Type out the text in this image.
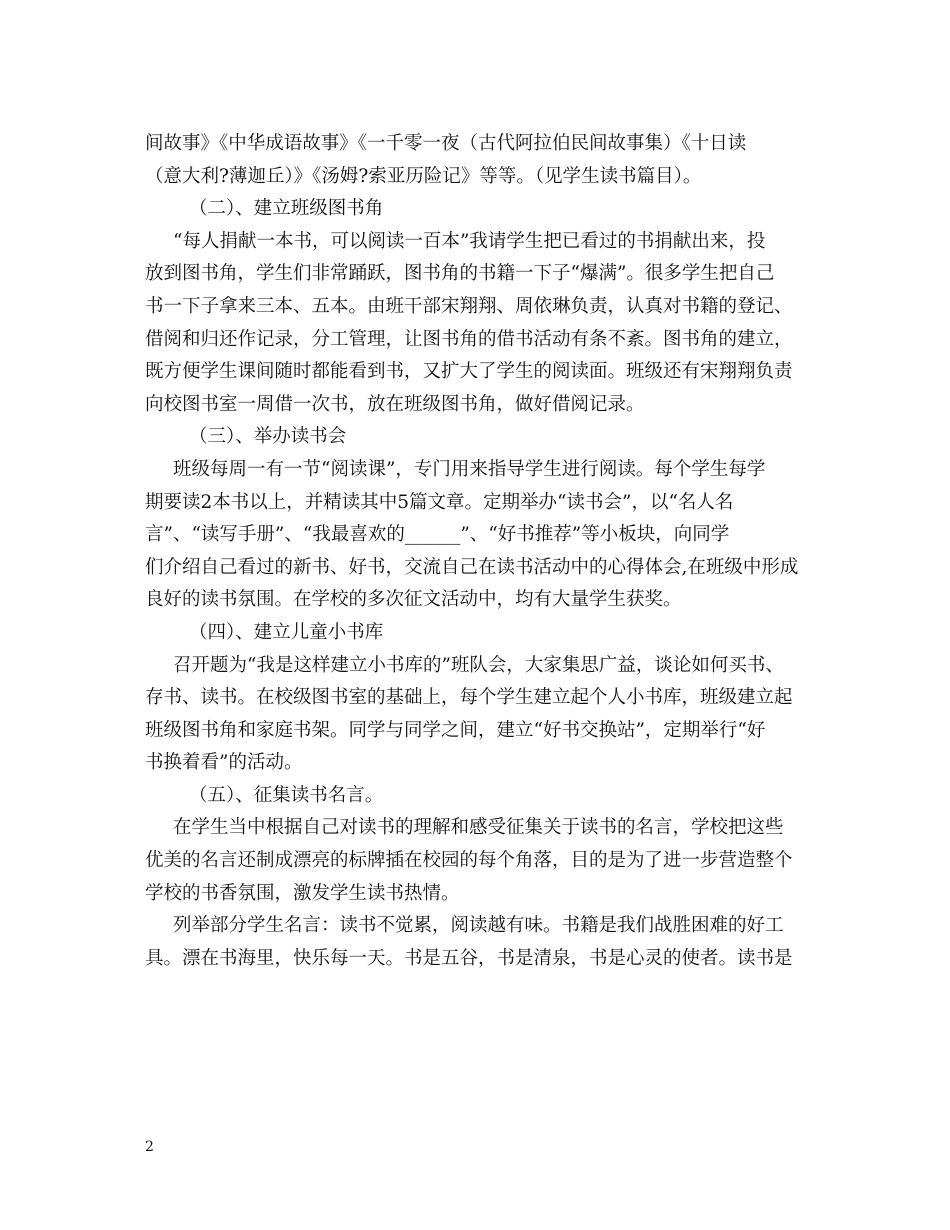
间故事》《中华成语故事》《一千零一夜（古代阿拉伯民间故事集）《十日读
（意大利?薄迦丘）》《汤姆?索亚历险记》等等。（见学生读书篇目）。
（二）、建立班级图书角
“每人捐献一本书，可以阅读一百本”我请学生把已看过的书捐献出来，投
放到图书角，学生们非常踊跃，图书角的书籍一下子“爆满”。很多学生把自己
书一下子拿来三本、五本。由班干部宋翔翔、周依琳负责，认真对书籍的登记、
借阅和归还作记录，分工管理，让图书角的借书活动有条不紊。图书角的建立，
既方便学生课间随时都能看到书，又扩大了学生的阅读面。班级还有宋翔翔负责
向校图书室一周借一次书，放在班级图书角，做好借阅记录。
（三）、举办读书会
班级每周一有一节“阅读课”，专门用来指导学生进行阅读。每个学生每学
期要读2本书以上，并精读其中5篇文章。定期举办“读书会”，以“名人名
言”、“读写手册”、“我最喜欢的______”、“好书推荐”等小板块，向同学
们介绍自己看过的新书、好书，交流自己在读书活动中的心得体会,在班级中形成
良好的读书氛围。在学校的多次征文活动中，均有大量学生获奖。
（四）、建立儿童小书库
召开题为“我是这样建立小书库的”班队会，大家集思广益，谈论如何买书、
存书、读书。在校级图书室的基础上，每个学生建立起个人小书库，班级建立起
班级图书角和家庭书架。同学与同学之间，建立“好书交换站”，定期举行“好
书换着看”的活动。
（五）、征集读书名言。
在学生当中根据自己对读书的理解和感受征集关于读书的名言，学校把这些
优美的名言还制成漂亮的标牌插在校园的每个角落，目的是为了进一步营造整个
学校的书香氛围，激发学生读书热情。
列举部分学生名言：读书不觉累，阅读越有味。书籍是我们战胜困难的好工
具。漂在书海里，快乐每一天。书是五谷，书是清泉，书是心灵的使者。读书是
2
